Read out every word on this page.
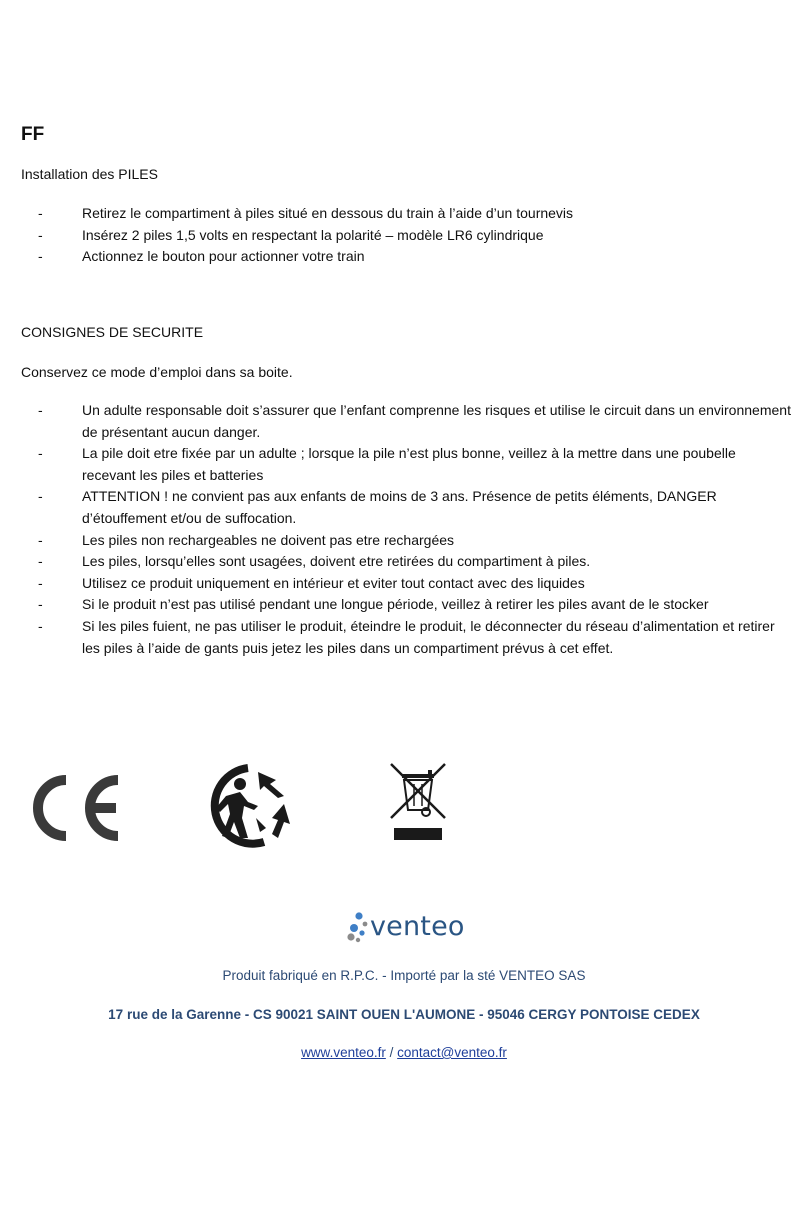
FF
Installation des PILES
-	Retirez le compartiment à piles situé en dessous du train à l’aide d’un tournevis
-	Insérez 2 piles 1,5 volts en respectant la polarité – modèle LR6 cylindrique
-	Actionnez le bouton pour actionner votre train
CONSIGNES DE SECURITE

Conservez ce mode d’emploi dans sa boite.

-	Un adulte responsable doit s’assurer que l’enfant comprenne les risques et utilise le circuit dans un environnement de présentant aucun danger.
-	La pile doit etre fixée par un adulte ; lorsque la pile n’est plus bonne, veillez à la mettre dans une poubelle recevant les piles et batteries
-	ATTENTION ! ne convient pas aux enfants de moins de 3 ans. Présence de petits éléments, DANGER d’étouffement et/ou de suffocation.
-	Les piles non rechargeables ne doivent pas etre rechargées
-	Les piles, lorsqu’elles sont usagées, doivent etre retirées du compartiment à piles.
-	Utilisez ce produit uniquement en intérieur et eviter tout contact avec des liquides
-	Si le produit n’est pas utilisé pendant une longue période, veillez à retirer les piles avant de le stocker
-	Si les piles fuient, ne pas utiliser le produit, éteindre le produit, le déconnecter du réseau d’alimentation et retirer les piles à l’aide de gants puis jetez les piles dans un compartiment prévus à cet effet.
venteo
Produit fabriqué en R.P.C. - Importé par la sté VENTEO SAS
17 rue de la Garenne - CS 90021 SAINT OUEN L'AUMONE - 95046 CERGY PONTOISE CEDEX
www.venteo.fr / contact@venteo.fr
